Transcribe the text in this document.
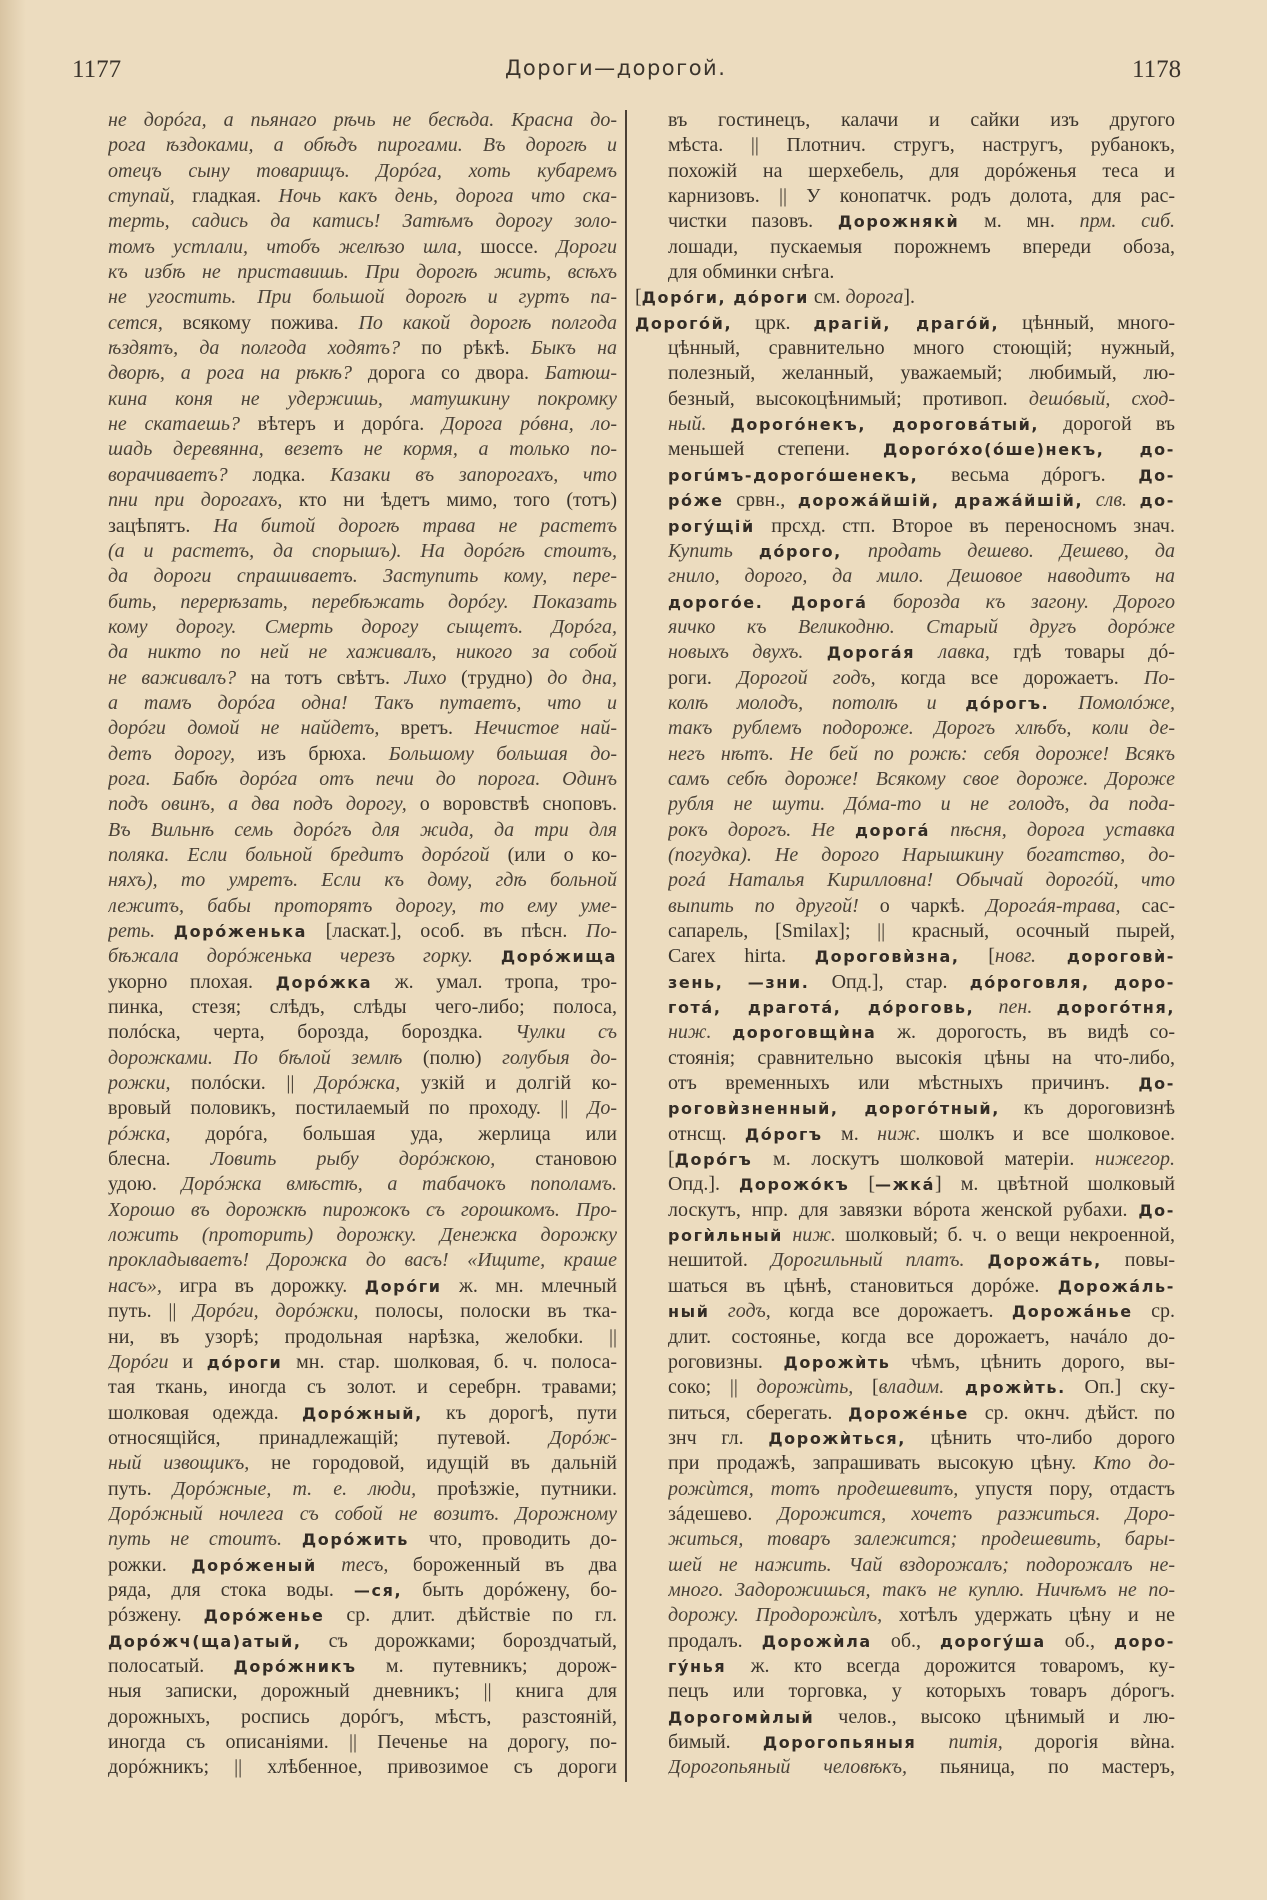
1177	Дороги—дорогой.	1178
не дорóга, а пьянаго рѣчь не бесѣда. Красна до-
рога ѣздоками, а обѣдъ пирогами. Въ дорогѣ и
отецъ сыну товарищъ. Дорóга, хоть кубаремъ
ступай, гладкая. Ночь какъ день, дорога что ска-
терть, садись да катись! Затѣмъ дорогу золо-
томъ устлали, чтобъ желѣзо шла, шоссе. Дороги
къ избѣ не приставишь. При дорогѣ жить, всѣхъ
не угостить. При большой дорогѣ и гуртъ па-
сется, всякому пожива. По какой дорогѣ полгода
ѣздятъ, да полгода ходятъ? по рѣкѣ. Быкъ на
дворѣ, а рога на рѣкѣ? дорога со двора. Батюш-
кина коня не удержишь, матушкину покромку
не скатаешь? вѣтеръ и дорóга. Дорога рóвна, ло-
шадь деревянна, везетъ не кормя, а только по-
ворачиваетъ? лодка. Казаки въ запорогахъ, что
пни при дорогахъ, кто ни ѣдетъ мимо, того (тотъ)
зацѣпятъ. На битой дорогѣ трава не растетъ
(а и растетъ, да спорышъ). На дорóгѣ стоитъ,
да дороги спрашиваетъ. Заступить кому, пере-
бить, перерѣзать, перебѣжать дорóгу. Показать
кому дорогу. Смерть дорогу сыщетъ. Дорóга,
да никто по ней не хаживалъ, никого за собой
не важивалъ? на тотъ свѣтъ. Лихо (трудно) до дна,
а тамъ дорóга одна! Такъ путаетъ, что и
дорóги домой не найдетъ, вретъ. Нечистое най-
детъ дорогу, изъ брюха. Большому большая до-
рога. Бабѣ дорóга отъ печи до порога. Одинъ
подъ овинъ, а два подъ дорогу, о воровствѣ сноповъ.
Въ Вильнѣ семь дорóгъ для жида, да три для
поляка. Если больной бредитъ дорóгой (или о ко-
няхъ), то умретъ. Если къ дому, гдѣ больной
лежитъ, бабы проторятъ дорогу, то ему уме-
реть. Дорóженька [ласкат.], особ. въ пѣсн. По-
бѣжала дорóженька черезъ горку. Дорóжища
укорно плохая. Дорóжка ж. умал. тропа, тро-
пинка, стезя; слѣдъ, слѣды чего-либо; полоса,
полóска, черта, борозда, бороздка. Чулки съ
дорожками. По бѣлой землѣ (полю) голубыя до-
рожки, полóски. || Дорóжка, узкій и долгій ко-
вровый половикъ, постилаемый по проходу. || До-
рóжка, дорóга, большая уда, жерлица или
блесна. Ловить рыбу дорóжкою, становою
удою. Дорóжка вмѣстѣ, а табачокъ пополамъ.
Хорошо въ дорожкѣ пирожокъ съ горошкомъ. Про-
ложить (проторить) дорожку. Денежка дорожку
прокладываетъ! Дорожка до васъ! «Ищите, краше
насъ», игра въ дорожку. Дорóги ж. мн. млечный
путь. || Дорóги, дорóжки, полосы, полоски въ тка-
ни, въ узорѣ; продольная нарѣзка, желобки. ||
Дорóги и дóроги мн. стар. шолковая, б. ч. полоса-
тая ткань, иногда съ золот. и серебрн. травами;
шолковая одежда. Дорóжный, къ дорогѣ, пути
относящійся, принадлежащій; путевой. Дорóж-
ный извощикъ, не городовой, идущій въ дальній
путь. Дорóжные, т. е. люди, проѣзжіе, путники.
Дорóжный ночлега съ собой не возитъ. Дорожному
путь не стоитъ. Дорóжить что, проводить до-
рожки. Дорóженый тесъ, бороженный въ два
ряда, для стока воды. —ся, быть дорóжену, бо-
рóзжену. Дорóженье ср. длит. дѣйствіе по гл.
Дорóжч(ща)атый, съ дорожками; бороздчатый,
полосатый. Дорóжникъ м. путевникъ; дорож-
ныя записки, дорожный дневникъ; || книга для
дорожныхъ, роспись дорóгъ, мѣстъ, разстояній,
иногда съ описаніями. || Печенье на дорогу, по-
дорóжникъ; || хлѣбенное, привозимое съ дороги
въ гостинецъ, калачи и сайки изъ другого
мѣста. || Плотнич. стругъ, настругъ, рубанокъ,
похожій на шерхебель, для дорóженья теса и
карнизовъ. || У конопатчк. родъ долота, для рас-
чистки пазовъ. Дорожнякѝ м. мн. прм. сиб.
лошади, пускаемыя порожнемъ впереди обоза,
для обминки снѣга.
[Дорóги, дóроги см. дорога].
Дорогóй, црк. драгій, драгóй, цѣнный, много-
цѣнный, сравнительно много стоющій; нужный,
полезный, желанный, уважаемый; любимый, лю-
безный, высокоцѣнимый; противоп. дешóвый, сход-
ный. Дорогóнекъ, дороговáтый, дорогой въ
меньшей степени. Дорогóхо(óше)некъ, до-
рогúмъ-дорогóшенекъ, весьма дóрогъ. До-
рóже срвн., дорожáйшій, дражáйшій, слв. до-
рогýщій прсхд. стп. Второе въ переносномъ знач.
Купить дóрого, продать дешево. Дешево, да
гнило, дорого, да мило. Дешовое наводитъ на
дорогóе. Дорогá борозда къ загону. Дорого
яичко къ Великодню. Старый другъ дорóже
новыхъ двухъ. Дорогáя лавка, гдѣ товары дó-
роги. Дорогой годъ, когда все дорожаетъ. По-
колѣ молодъ, потолѣ и дóрогъ. Помолóже,
такъ рублемъ подороже. Дорогъ хлѣбъ, коли де-
негъ нѣтъ. Не бей по рожѣ: себя дороже! Всякъ
самъ себѣ дороже! Всякому свое дороже. Дороже
рубля не шути. Дóма-то и не голодъ, да пода-
рокъ дорогъ. Не дорогá пѣсня, дорога уставка
(погудка). Не дорого Нарышкину богатство, до-
рогá Наталья Кирилловна! Обычай дорогóй, что
выпить по другой! о чаркѣ. Дорогáя-трава, сас-
сапарель, [Smilax]; || красный, осочный пырей,
Carex hirta. Дороговѝзна, [новг. дороговѝ-
зень, —зни. Опд.], стар. дóроговля, доро-
готá, драготá, дóроговь, пен. дорогóтня,
ниж. дороговщѝна ж. дорогость, въ видѣ со-
стоянія; сравнительно высокія цѣны на что-либо,
отъ временныхъ или мѣстныхъ причинъ. До-
роговѝзненный, дорогóтный, къ дороговизнѣ
отнсщ. Дóрогъ м. ниж. шолкъ и все шолковое.
[Дорóгъ м. лоскутъ шолковой матеріи. нижегор.
Опд.]. Дорожóкъ [—жкá] м. цвѣтной шолковый
лоскутъ, нпр. для завязки вóрота женской рубахи. До-
рогѝльный ниж. шолковый; б. ч. о вещи некроенной,
нешитой. Дорогильный платъ. Дорожáть, повы-
шаться въ цѣнѣ, становиться дорóже. Дорожáль-
ный годъ, когда все дорожаетъ. Дорожáнье ср.
длит. состоянье, когда все дорожаетъ, начáло до-
роговизны. Дорожѝть чѣмъ, цѣнить дорого, вы-
соко; || дорожѝть, [владим. дрожѝть. Оп.] ску-
питься, сберегать. Дорожéнье ср. окнч. дѣйст. по
знч гл. Дорожѝться, цѣнить что-либо дорого
при продажѣ, запрашивать высокую цѣну. Кто до-
рожѝтся, тотъ продешевитъ, упустя пору, отдастъ
зáдешево. Дорожится, хочетъ разжиться. Доро-
житься, товаръ залежится; продешевить, бары-
шей не нажить. Чай вздорожалъ; подорожалъ не-
много. Задорожишься, такъ не куплю. Ничѣмъ не по-
дорожу. Продорожѝлъ, хотѣлъ удержать цѣну и не
продалъ. Дорожѝла об., дорогýша об., доро-
гýнья ж. кто всегда дорожится товаромъ, ку-
пецъ или торговка, у которыхъ товаръ дóрогъ.
Дорогомѝлый челов., высоко цѣнимый и лю-
бимый. Дорогопьяныя питія, дорогія вѝна.
Дорогопьяный человѣкъ, пьяница, по мастеръ,
